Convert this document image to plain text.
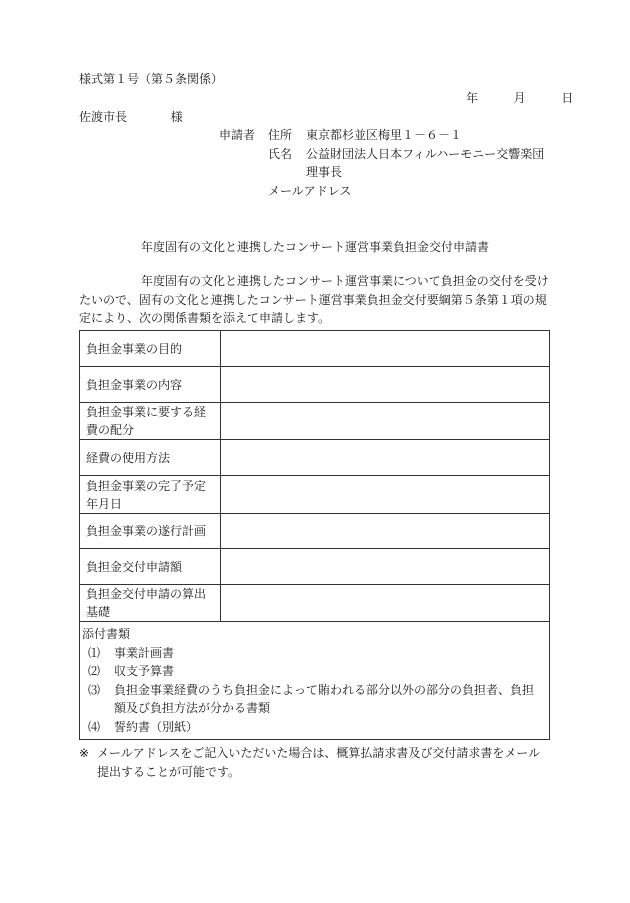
様式第１号（第５条関係）
年	月	日
佐渡市長	様
申請者 住所 東京都杉並区梅里１－６－１
氏名 公益財団法人日本フィルハーモニー交響楽団
理事長
メールアドレス
年度固有の文化と連携したコンサート運営事業負担金交付申請書
年度固有の文化と連携したコンサート運営事業について負担金の交付を受けたいので、固有の文化と連携したコンサート運営事業負担金交付要綱第５条第１項の規定により、次の関係書類を添えて申請します。
負担金事業の目的	
負担金事業の内容	
負担金事業に要する経費の配分	
経費の使用方法	
負担金事業の完了予定年月日	
負担金事業の遂行計画	
負担金交付申請額	
負担金交付申請の算出基礎	
添付書類
⑴	事業計画書
⑵	収支予算書
⑶	負担金事業経費のうち負担金によって賄われる部分以外の部分の負担者、負担額及び負担方法が分かる書類
⑷	誓約書（別紙）
※ メールアドレスをご記入いただいた場合は、概算払請求書及び交付請求書をメール提出することが可能です。
